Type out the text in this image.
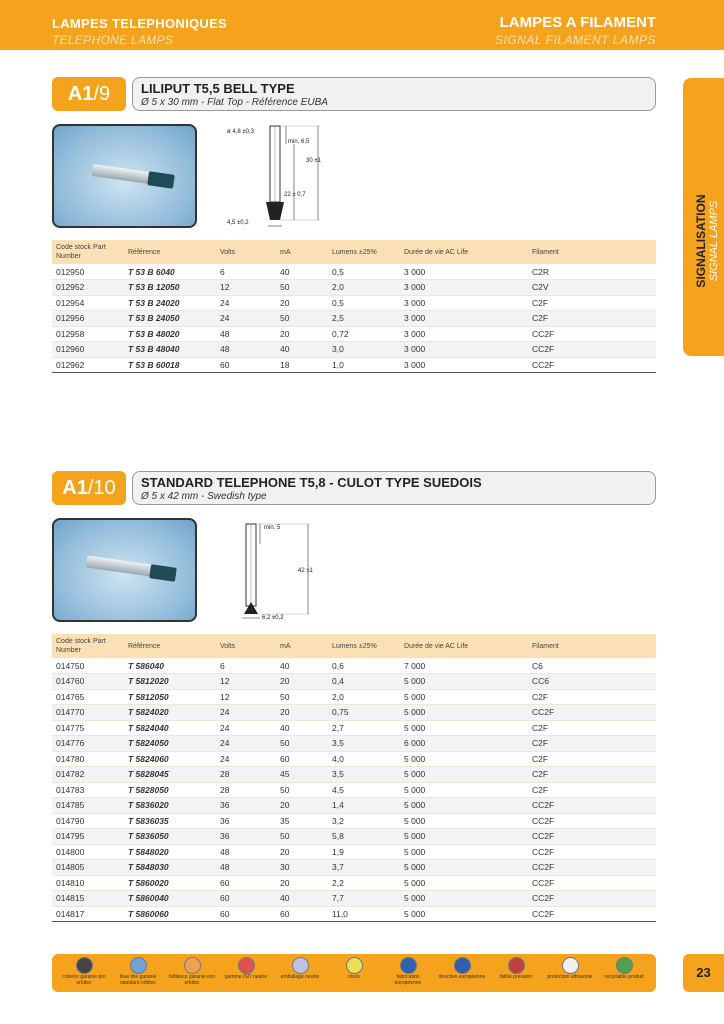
LAMPES TELEPHONIQUES
TELEPHONE LAMPS
LAMPES A FILAMENT
SIGNAL FILAMENT LAMPS
SIGNALISATION SIGNAL LAMPS
A1/9	LILIPUT T5,5 BELL TYPE
Ø 5 x 30 mm - Flat Top - Référence EUBA
ø 4,8 ±0,3
min. 6,5
30 ±1
22 ± 0,7
4,5 ±0,2
Code stock Part Number	Référence	Volts	mA	Lumens ±25%	Durée de vie AC Life	Filament
012950	T 53 B 6040	6	40	0,5	3 000	C2R
012952	T 53 B 12050	12	50	2,0	3 000	C2V
012954	T 53 B 24020	24	20	0,5	3 000	C2F
012956	T 53 B 24050	24	50	2,5	3 000	C2F
012958	T 53 B 48020	48	20	0,72	3 000	CC2F
012960	T 53 B 48040	48	40	3,0	3 000	CC2F
012962	T 53 B 60018	60	18	1,0	3 000	CC2F
A1/10	STANDARD TELEPHONE T5,8 - CULOT TYPE SUEDOIS
Ø 5 x 42 mm - Swedish type
min. 5
42 ±1
6,2 ±0,2
Code stock Part Number	Référence	Volts	mA	Lumens ±25%	Durée de vie AC Life	Filament
014750	T 586040	6	40	0,6	7 000	C6
014760	T 5812020	12	20	0,4	5 000	CC6
014765	T 5812050	12	50	2,0	5 000	C2F
014770	T 5824020	24	20	0,75	5 000	CC2F
014775	T 5824040	24	40	2,7	5 000	C2F
014776	T 5824050	24	50	3,5	6 000	C2F
014780	T 5824060	24	60	4,0	5 000	C2F
014782	T 5828045	28	45	3,5	5 000	C2F
014783	T 5828050	28	50	4,5	5 000	C2F
014785	T 5836020	36	20	1,4	5 000	CC2F
014790	T 5836035	36	35	3,2	5 000	CC2F
014795	T 5836050	36	50	5,8	5 000	CC2F
014800	T 5848020	48	20	1,9	5 000	CC2F
014805	T 5848030	48	30	3,7	5 000	CC2F
014810	T 5860020	60	20	2,2	5 000	CC2F
014815	T 5860040	60	40	7,7	5 000	CC2F
014817	T 5860060	60	60	11,0	5 000	CC2F
color/or garanie pro orbitec
blue line garanie standard orbitec
brillance garanie eco orbitec
gamme ISO neutre	emballage neutre	stock	fabrication européenne
directive européenne	faible pression	protection ultrasonie	recyclable produit	23
